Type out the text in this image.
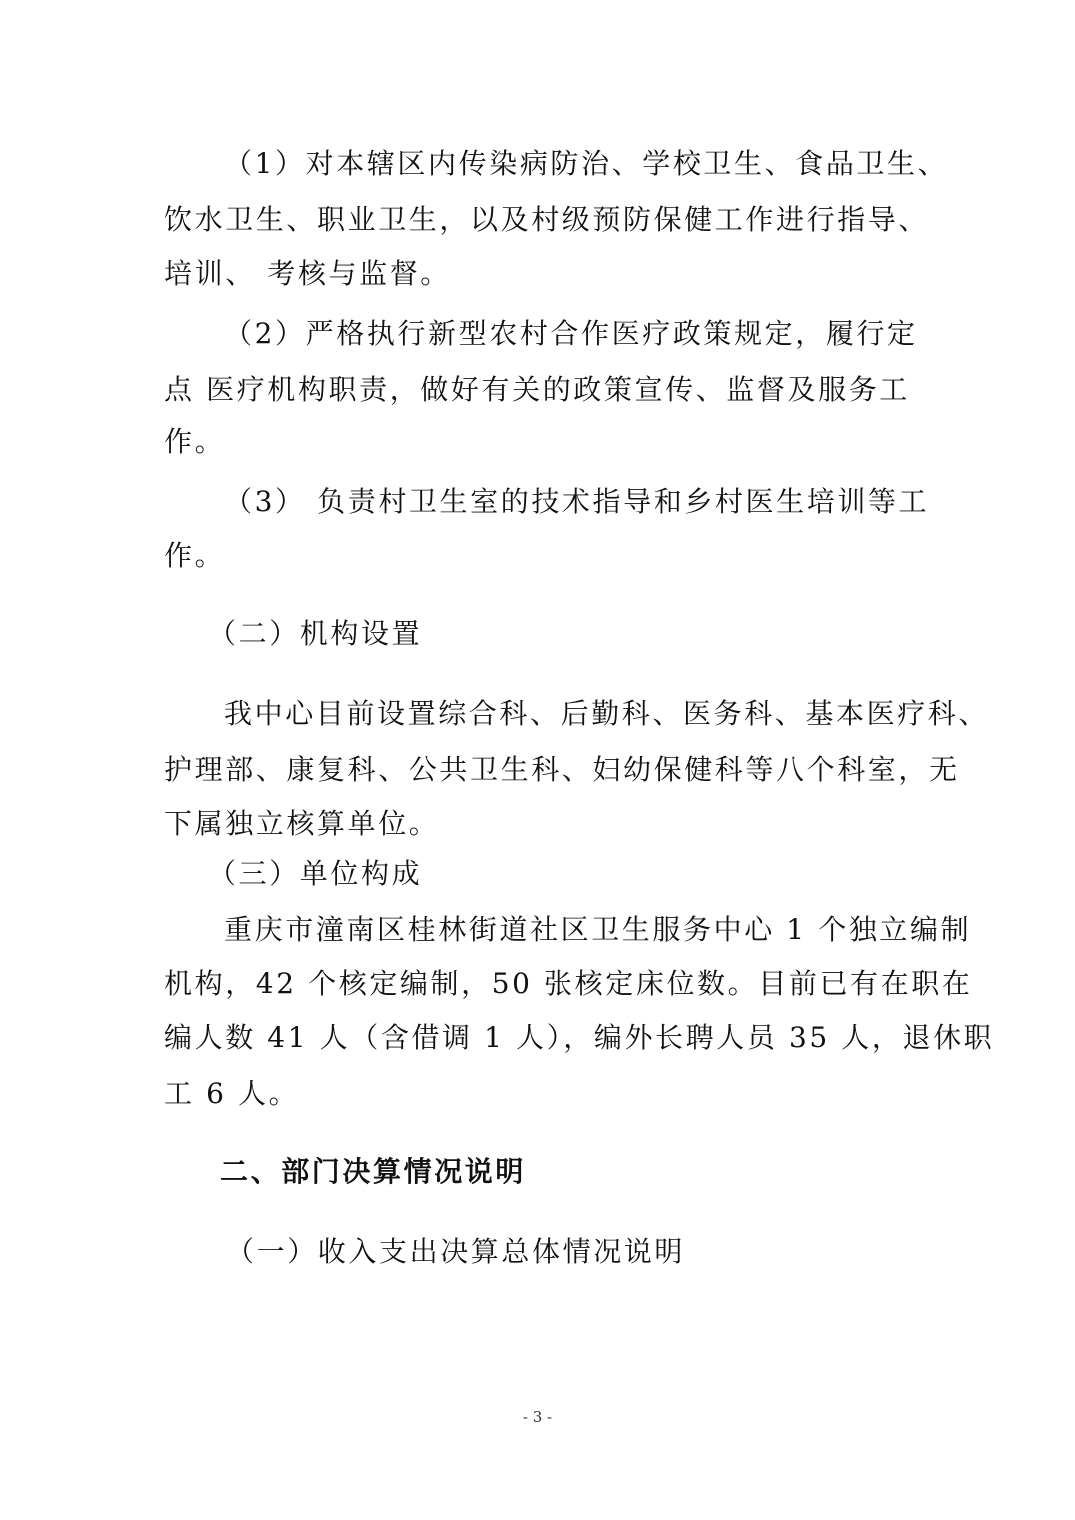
（1）对本辖区内传染病防治、学校卫生、食品卫生、
饮水卫生、职业卫生，以及村级预防保健工作进行指导、
培训、 考核与监督。
（2）严格执行新型农村合作医疗政策规定，履行定
点 医疗机构职责，做好有关的政策宣传、监督及服务工
作。
（3） 负责村卫生室的技术指导和乡村医生培训等工
作。
（二）机构设置
我中心目前设置综合科、后勤科、医务科、基本医疗科、
护理部、康复科、公共卫生科、妇幼保健科等八个科室，无
下属独立核算单位。
（三）单位构成
重庆市潼南区桂林街道社区卫生服务中心 1 个独立编制
机构，42 个核定编制，50 张核定床位数。目前已有在职在
编人数 41 人（含借调 1 人），编外长聘人员 35 人，退休职
工 6 人。
二、部门决算情况说明
（一）收入支出决算总体情况说明
- 3 -
